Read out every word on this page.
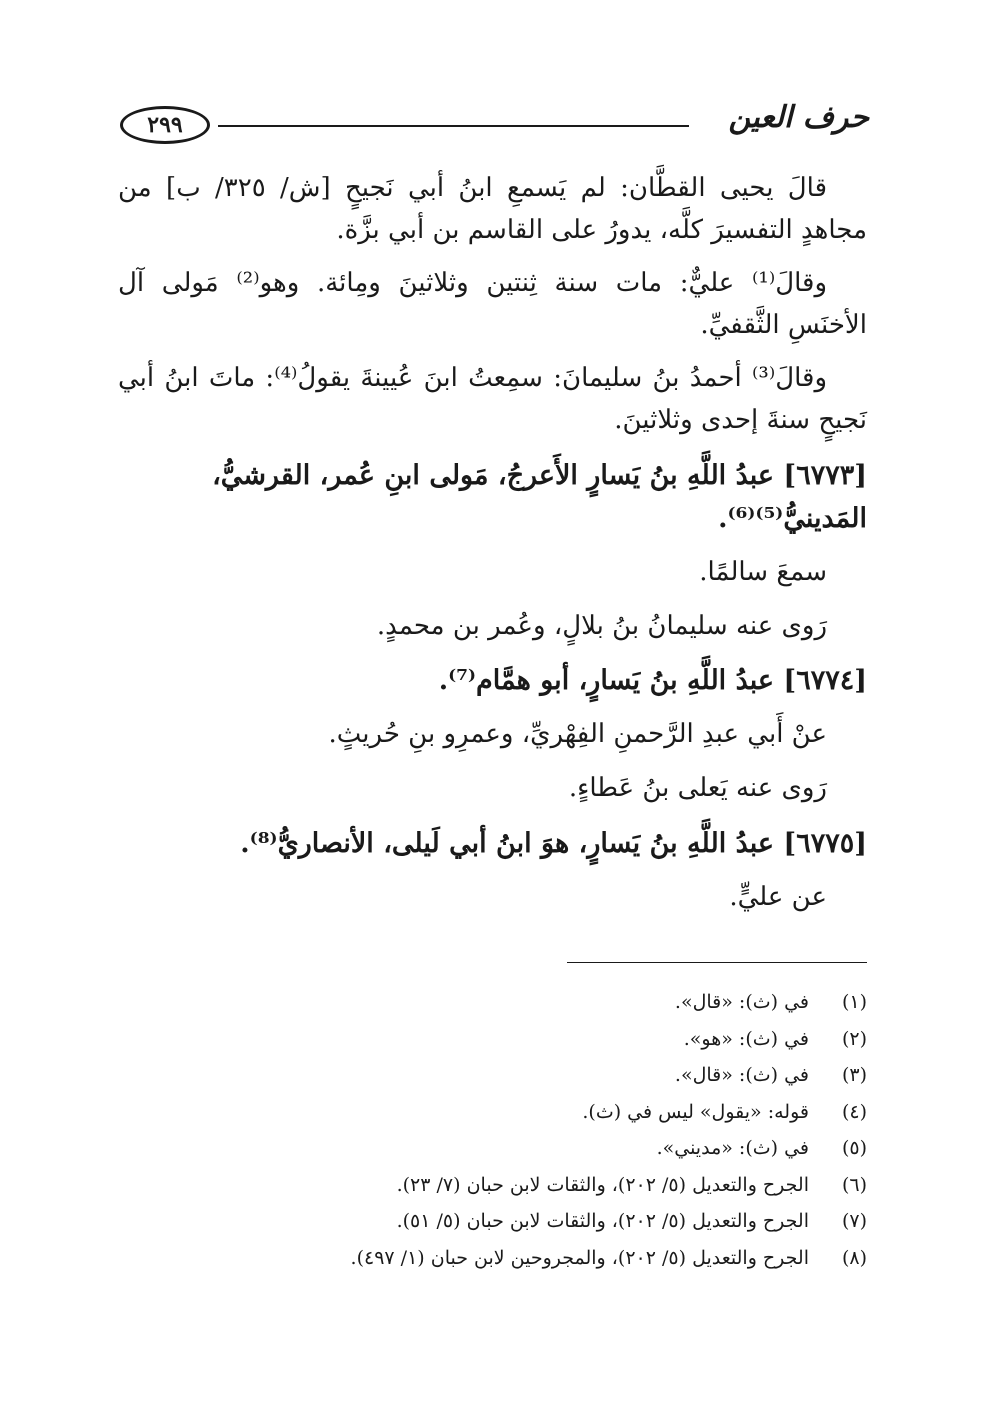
حرف العين
٢٩٩

قالَ يحيى القطَّان: لم يَسمعِ ابنُ أبي نَجيحٍ [ش/ ٣٢٥/ ب] من مجاهدٍ التفسيرَ كلَّه، يدورُ على القاسم بن أبي بزَّة.

وقالَ⁽¹⁾ عليٌّ: مات سنة ثِنتين وثلاثينَ ومِائة. وهو⁽²⁾ مَولى آل الأخنَسِ الثَّقفيِّ.

وقالَ⁽³⁾ أحمدُ بنُ سليمانَ: سمِعتُ ابنَ عُيينةَ يقولُ⁽⁴⁾: ماتَ ابنُ أبي نَجيحٍ سنةَ إحدى وثلاثينَ.

[٦٧٧٣] عبدُ اللَّهِ بنُ يَسارٍ الأَعرجُ، مَولى ابنِ عُمر، القرشيُّ، المَدينيُّ⁽⁵⁾⁽⁶⁾.

سمعَ سالمًا.

رَوى عنه سليمانُ بنُ بلالٍ، وعُمر بن محمدٍ.

[٦٧٧٤] عبدُ اللَّهِ بنُ يَسارٍ، أبو همَّام⁽⁷⁾.

عنْ أَبي عبدِ الرَّحمنِ الفِهْريِّ، وعمرِو بنِ حُريثٍ.

رَوى عنه يَعلى بنُ عَطاءٍ.

[٦٧٧٥] عبدُ اللَّهِ بنُ يَسارٍ، هوَ ابنُ أبي لَيلى، الأنصاريُّ⁽⁸⁾.

عن عليٍّ.

(١)
في (ث): «قال».
(٢)
في (ث): «هو».
(٣)
في (ث): «قال».
(٤)
قوله: «يقول» ليس في (ث).
(٥)
في (ث): «مديني».
(٦)
الجرح والتعديل (٥/ ٢٠٢)، والثقات لابن حبان (٧/ ٢٣).
(٧)
الجرح والتعديل (٥/ ٢٠٢)، والثقات لابن حبان (٥/ ٥١).
(٨)
الجرح والتعديل (٥/ ٢٠٢)، والمجروحين لابن حبان (١/ ٤٩٧).
